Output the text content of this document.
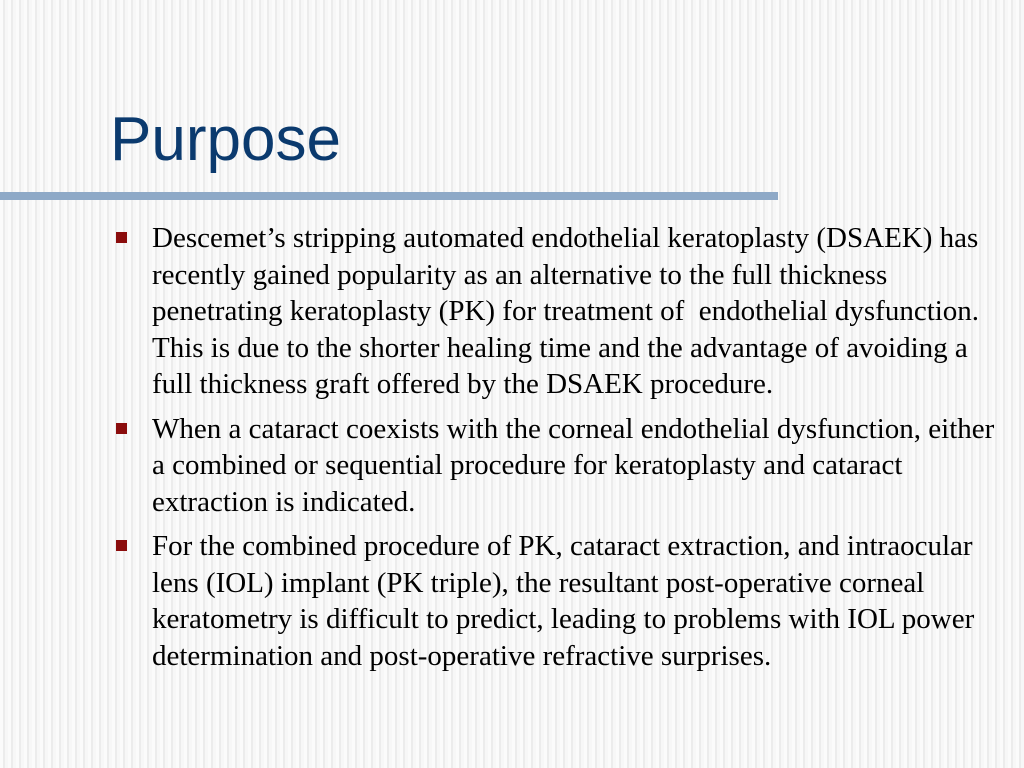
Purpose
Descemet’s stripping automated endothelial keratoplasty (DSAEK) has recently gained popularity as an alternative to the full thickness penetrating keratoplasty (PK) for treatment of  endothelial dysfunction. This is due to the shorter healing time and the advantage of avoiding a full thickness graft offered by the DSAEK procedure.
When a cataract coexists with the corneal endothelial dysfunction, either a combined or sequential procedure for keratoplasty and cataract extraction is indicated.
For the combined procedure of PK, cataract extraction, and intraocular lens (IOL) implant (PK triple), the resultant post-operative corneal keratometry is difficult to predict, leading to problems with IOL power determination and post-operative refractive surprises.
